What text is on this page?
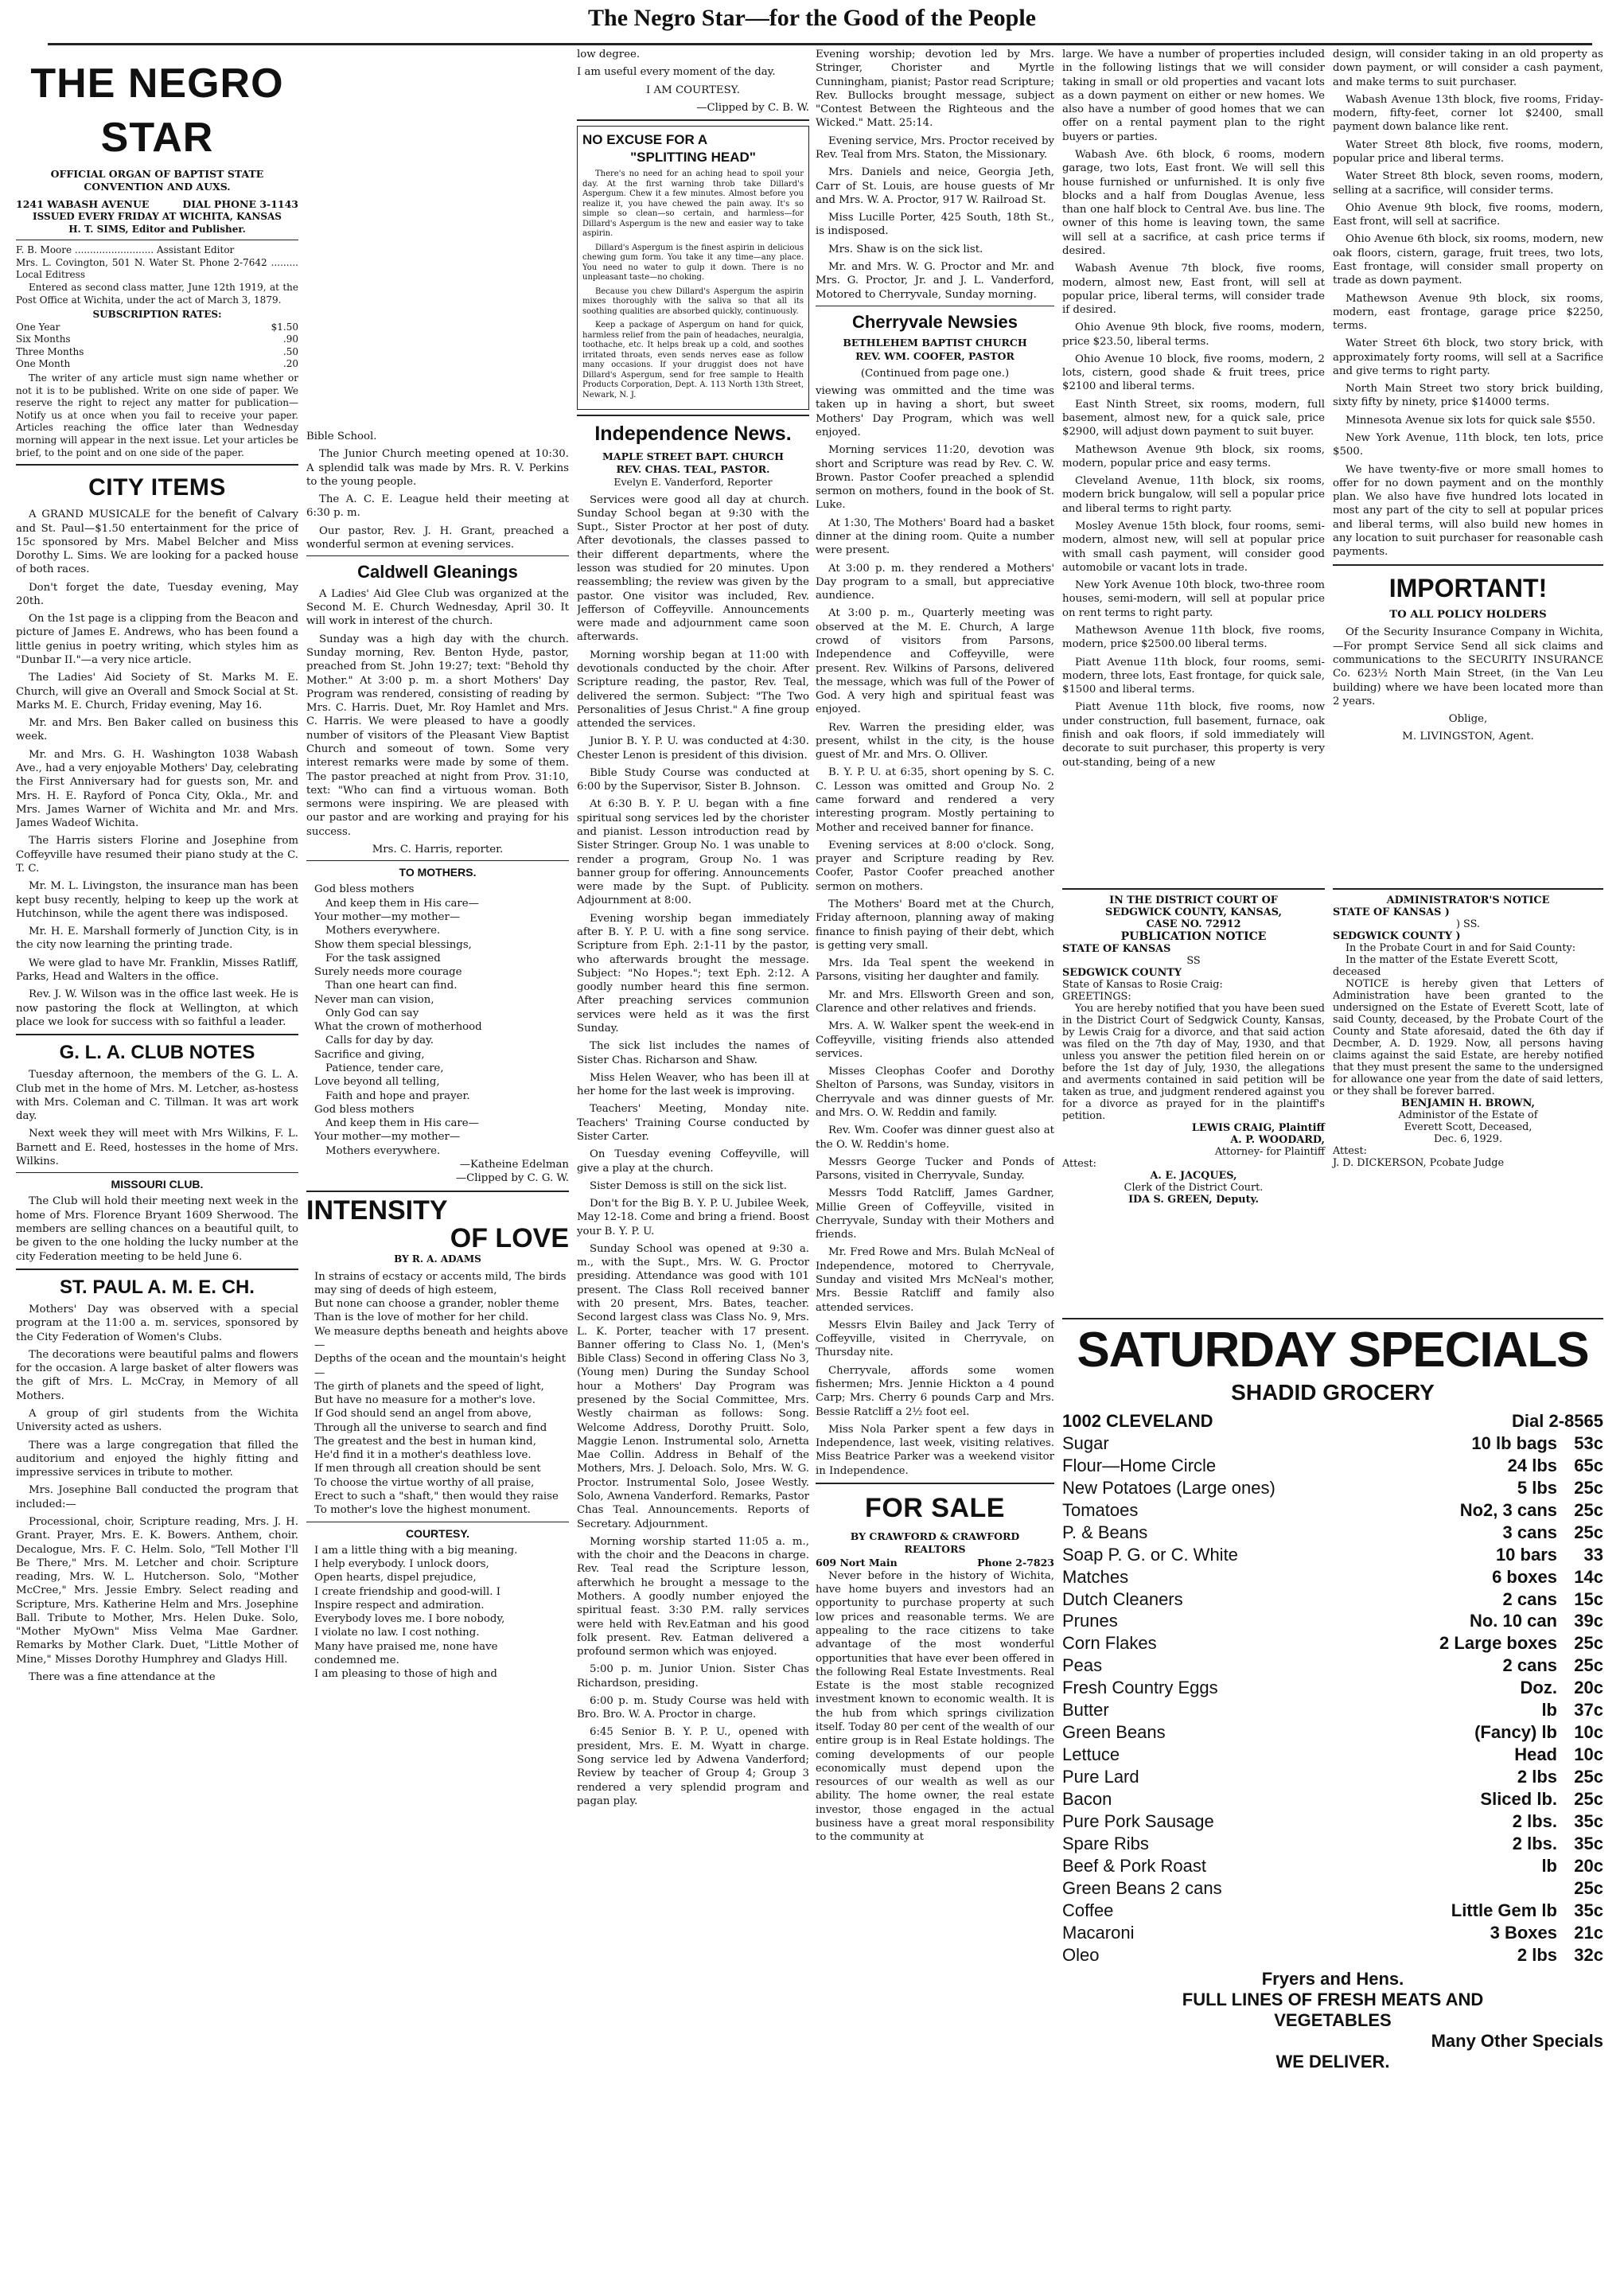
The Negro Star—for the Good of the People
THE NEGRO STAR

OFFICIAL ORGAN OF BAPTIST STATE CONVENTION AND AUXS.

1241 WABASH AVENUE	DIAL PHONE 3-1143

ISSUED EVERY FRIDAY AT WICHITA, KANSAS

H. T. SIMS, Editor and Publisher.

F. B. Moore .......................... Assistant Editor

Mrs. L. Covington, 501 N. Water St. Phone 2-7642 ......... Local Editress

Entered as second class matter, June 12th 1919, at the Post Office at Wichita, under the act of March 3, 1879.

SUBSCRIPTION RATES:

One Year	$1.50
Six Months	.90
Three Months	.50
One Month	.20

The writer of any article must sign name whether or not it is to be published. Write on one side of paper. We reserve the right to reject any matter for publication—Notify us at once when you fail to receive your paper. Articles reaching the office later than Wednesday morning will appear in the next issue. Let your articles be brief, to the point and on one side of the paper.

CITY ITEMS

A GRAND MUSICALE for the benefit of Calvary and St. Paul—$1.50 entertainment for the price of 15c sponsored by Mrs. Mabel Belcher and Miss Dorothy L. Sims. We are looking for a packed house of both races.

Don't forget the date, Tuesday evening, May 20th.

On the 1st page is a clipping from the Beacon and picture of James E. Andrews, who has been found a little genius in poetry writing, which styles him as "Dunbar II."—a very nice article.

The Ladies' Aid Society of St. Marks M. E. Church, will give an Overall and Smock Social at St. Marks M. E. Church, Friday evening, May 16.

Mr. and Mrs. Ben Baker called on business this week.

Mr. and Mrs. G. H. Washington 1038 Wabash Ave., had a very enjoyable Mothers' Day, celebrating the First Anniversary had for guests son, Mr. and Mrs. H. E. Rayford of Ponca City, Okla., Mr. and Mrs. James Warner of Wichita and Mr. and Mrs. James Wadeof Wichita.

The Harris sisters Florine and Josephine from Coffeyville have resumed their piano study at the C. T. C.

Mr. M. L. Livingston, the insurance man has been kept busy recently, helping to keep up the work at Hutchinson, while the agent there was indisposed.

Mr. H. E. Marshall formerly of Junction City, is in the city now learning the printing trade.

We were glad to have Mr. Franklin, Misses Ratliff, Parks, Head and Walters in the office.

Rev. J. W. Wilson was in the office last week. He is now pastoring the flock at Wellington, at which place we look for success with so faithful a leader.

G. L. A. CLUB NOTES

Tuesday afternoon, the members of the G. L. A. Club met in the home of Mrs. M. Letcher, as-hostess with Mrs. Coleman and C. Tillman. It was art work day.

Next week they will meet with Mrs Wilkins, F. L. Barnett and E. Reed, hostesses in the home of Mrs. Wilkins.

MISSOURI CLUB.

The Club will hold their meeting next week in the home of Mrs. Florence Bryant 1609 Sherwood. The members are selling chances on a beautiful quilt, to be given to the one holding the lucky number at the city Federation meeting to be held June 6.

ST. PAUL A. M. E. CH.

Mothers' Day was observed with a special program at the 11:00 a. m. services, sponsored by the City Federation of Women's Clubs.

The decorations were beautiful palms and flowers for the occasion. A large basket of alter flowers was the gift of Mrs. L. McCray, in Memory of all Mothers.

A group of girl students from the Wichita University acted as ushers.

There was a large congregation that filled the auditorium and enjoyed the highly fitting and impressive services in tribute to mother.

Mrs. Josephine Ball conducted the program that included:—

Processional, choir, Scripture reading, Mrs. J. H. Grant. Prayer, Mrs. E. K. Bowers. Anthem, choir. Decalogue, Mrs. F. C. Helm. Solo, "Tell Mother I'll Be There," Mrs. M. Letcher and choir. Scripture reading, Mrs. W. L. Hutcherson. Solo, "Mother McCree," Mrs. Jessie Embry. Select reading and Scripture, Mrs. Katherine Helm and Mrs. Josephine Ball. Tribute to Mother, Mrs. Helen Duke. Solo, "Mother MyOwn" Miss Velma Mae Gardner. Remarks by Mother Clark. Duet, "Little Mother of Mine," Misses Dorothy Humphrey and Gladys Hill.

There was a fine attendance at the

Bible School.

The Junior Church meeting opened at 10:30. A splendid talk was made by Mrs. R. V. Perkins to the young people.

The A. C. E. League held their meeting at 6:30 p. m.

Our pastor, Rev. J. H. Grant, preached a wonderful sermon at evening services.

Caldwell Gleanings

A Ladies' Aid Glee Club was organized at the Second M. E. Church Wednesday, April 30. It will work in interest of the church.

Sunday was a high day with the church. Sunday morning, Rev. Benton Hyde, pastor, preached from St. John 19:27; text: "Behold thy Mother." At 3:00 p. m. a short Mothers' Day Program was rendered, consisting of reading by Mrs. C. Harris. Duet, Mr. Roy Hamlet and Mrs. C. Harris. We were pleased to have a goodly number of visitors of the Pleasant View Baptist Church and someout of town. Some very interest remarks were made by some of them. The pastor preached at night from Prov. 31:10, text: "Who can find a virtuous woman. Both sermons were inspiring. We are pleased with our pastor and are working and praying for his success.

Mrs. C. Harris, reporter.

TO MOTHERS.
God bless mothers
And keep them in His care—
Your mother—my mother—
Mothers everywhere.
Show them special blessings,
For the task assigned
Surely needs more courage
Than one heart can find.
Never man can vision,
Only God can say
What the crown of motherhood
Calls for day by day.
Sacrifice and giving,
Patience, tender care,
Love beyond all telling,
Faith and hope and prayer.
God bless mothers
And keep them in His care—
Your mother—my mother—
Mothers everywhere.
—Katheine Edelman
—Clipped by C. G. W.
INTENSITY
OF LOVE

BY R. A. ADAMS

In strains of ecstacy or accents mild, The birds may sing of deeds of high esteem,
But none can choose a grander, nobler theme
Than is the love of mother for her child.
We measure depths beneath and heights above—
Depths of the ocean and the mountain's height—
The girth of planets and the speed of light,
But have no measure for a mother's love.
If God should send an angel from above,
Through all the universe to search and find
The greatest and the best in human kind,
He'd find it in a mother's deathless love.
If men through all creation should be sent
To choose the virtue worthy of all praise,
Erect to such a "shaft," then would they raise
To mother's love the highest monument.
COURTESY.
I am a little thing with a big meaning.
I help everybody. I unlock doors,
Open hearts, dispel prejudice,
I create friendship and good-will. I
Inspire respect and admiration.
Everybody loves me. I bore nobody,
I violate no law. I cost nothing.
Many have praised me, none have
condemned me.
I am pleasing to those of high and

low degree.

I am useful every moment of the day.

I AM COURTESY.

—Clipped by C. B. W.

NO EXCUSE FOR A
"SPLITTING HEAD"

There's no need for an aching head to spoil your day. At the first warning throb take Dillard's Aspergum. Chew it a few minutes. Almost before you realize it, you have chewed the pain away. It's so simple so clean—so certain, and harmless—for Dillard's Aspergum is the new and easier way to take aspirin.

Dillard's Aspergum is the finest aspirin in delicious chewing gum form. You take it any time—any place. You need no water to gulp it down. There is no unpleasant taste—no choking.

Because you chew Dillard's Aspergum the aspirin mixes thoroughly with the saliva so that all its soothing qualities are absorbed quickly, continuously.

Keep a package of Aspergum on hand for quick, harmless relief from the pain of headaches, neuralgia, toothache, etc. It helps break up a cold, and soothes irritated throats, even sends nerves ease as follow many occasions. If your druggist does not have Dillard's Aspergum, send for free sample to Health Products Corporation, Dept. A. 113 North 13th Street, Newark, N. J.

Independence News.

MAPLE STREET BAPT. CHURCH

REV. CHAS. TEAL, PASTOR.

Evelyn E. Vanderford, Reporter

Services were good all day at church. Sunday School began at 9:30 with the Supt., Sister Proctor at her post of duty. After devotionals, the classes passed to their different departments, where the lesson was studied for 20 minutes. Upon reassembling; the review was given by the pastor. One visitor was included, Rev. Jefferson of Coffeyville. Announcements were made and adjournment came soon afterwards.

Morning worship began at 11:00 with devotionals conducted by the choir. After Scripture reading, the pastor, Rev. Teal, delivered the sermon. Subject: "The Two Personalities of Jesus Christ." A fine group attended the services.

Junior B. Y. P. U. was conducted at 4:30. Chester Lenon is president of this division.

Bible Study Course was conducted at 6:00 by the Supervisor, Sister B. Johnson.

At 6:30 B. Y. P. U. began with a fine spiritual song services led by the chorister and pianist. Lesson introduction read by Sister Stringer. Group No. 1 was unable to render a program, Group No. 1 was banner group for offering. Announcements were made by the Supt. of Publicity. Adjournment at 8:00.

Evening worship began immediately after B. Y. P. U. with a fine song service. Scripture from Eph. 2:1-11 by the pastor, who afterwards brought the message. Subject: "No Hopes."; text Eph. 2:12. A goodly number heard this fine sermon. After preaching services communion services were held as it was the first Sunday.

The sick list includes the names of Sister Chas. Richarson and Shaw.

Miss Helen Weaver, who has been ill at her home for the last week is improving.

Teachers' Meeting, Monday nite. Teachers' Training Course conducted by Sister Carter.

On Tuesday evening Coffeyville, will give a play at the church.

Sister Demoss is still on the sick list.

Don't for the Big B. Y. P. U. Jubilee Week, May 12-18. Come and bring a friend. Boost your B. Y. P. U.

Sunday School was opened at 9:30 a. m., with the Supt., Mrs. W. G. Proctor presiding. Attendance was good with 101 present. The Class Roll received banner with 20 present, Mrs. Bates, teacher. Second largest class was Class No. 9, Mrs. L. K. Porter, teacher with 17 present. Banner offering to Class No. 1, (Men's Bible Class) Second in offering Class No 3, (Young men) During the Sunday School hour a Mothers' Day Program was presened by the Social Committee, Mrs. Westly chairman as follows: Song. Welcome Address, Dorothy Pruitt. Solo, Maggie Lenon. Instrumental solo, Arnetta Mae Collin. Address in Behalf of the Mothers, Mrs. J. Deloach. Solo, Mrs. W. G. Proctor. Instrumental Solo, Josee Westly. Solo, Awnena Vanderford. Remarks, Pastor Chas Teal. Announcements. Reports of Secretary. Adjournment.

Morning worship started 11:05 a. m., with the choir and the Deacons in charge. Rev. Teal read the Scripture lesson, afterwhich he brought a message to the Mothers. A goodly number enjoyed the spiritual feast. 3:30 P.M. rally services were held with Rev.Eatman and his good folk present. Rev. Eatman delivered a profound sermon which was enjoyed.

5:00 p. m. Junior Union. Sister Chas Richardson, presiding.

6:00 p. m. Study Course was held with Bro. Bro. W. A. Proctor in charge.

6:45 Senior B. Y. P. U., opened with president, Mrs. E. M. Wyatt in charge. Song service led by Adwena Vanderford; Review by teacher of Group 4; Group 3 rendered a very splendid program and pagan play.

Evening worship; devotion led by Mrs. Stringer, Chorister and Myrtle Cunningham, pianist; Pastor read Scripture; Rev. Bullocks brought message, subject "Contest Between the Righteous and the Wicked." Matt. 25:14.

Evening service, Mrs. Proctor received by Rev. Teal from Mrs. Staton, the Missionary.

Mrs. Daniels and neice, Georgia Jeth, Carr of St. Louis, are house guests of Mr and Mrs. W. A. Proctor, 917 W. Railroad St.

Miss Lucille Porter, 425 South, 18th St., is indisposed.

Mrs. Shaw is on the sick list.

Mr. and Mrs. W. G. Proctor and Mr. and Mrs. G. Proctor, Jr. and J. L. Vanderford, Motored to Cherryvale, Sunday morning.

Cherryvale Newsies

BETHLEHEM BAPTIST CHURCH

REV. WM. COOFER, PASTOR

(Continued from page one.)

viewing was ommitted and the time was taken up in having a short, but sweet Mothers' Day Program, which was well enjoyed.

Morning services 11:20, devotion was short and Scripture was read by Rev. C. W. Brown. Pastor Coofer preached a splendid sermon on mothers, found in the book of St. Luke.

At 1:30, The Mothers' Board had a basket dinner at the dining room. Quite a number were present.

At 3:00 p. m. they rendered a Mothers' Day program to a small, but appreciative aundience.

At 3:00 p. m., Quarterly meeting was observed at the M. E. Church, A large crowd of visitors from Parsons, Independence and Coffeyville, were present. Rev. Wilkins of Parsons, delivered the message, which was full of the Power of God. A very high and spiritual feast was enjoyed.

Rev. Warren the presiding elder, was present, whilst in the city, is the house guest of Mr. and Mrs. O. Olliver.

B. Y. P. U. at 6:35, short opening by S. C. C. Lesson was omitted and Group No. 2 came forward and rendered a very interesting program. Mostly pertaining to Mother and received banner for finance.

Evening services at 8:00 o'clock. Song, prayer and Scripture reading by Rev. Coofer, Pastor Coofer preached another sermon on mothers.

The Mothers' Board met at the Church, Friday afternoon, planning away of making finance to finish paying of their debt, which is getting very small.

Mrs. Ida Teal spent the weekend in Parsons, visiting her daughter and family.

Mr. and Mrs. Ellsworth Green and son, Clarence and other relatives and friends.

Mrs. A. W. Walker spent the week-end in Coffeyville, visiting friends also attended services.

Misses Cleophas Coofer and Dorothy Shelton of Parsons, was Sunday, visitors in Cherryvale and was dinner guests of Mr. and Mrs. O. W. Reddin and family.

Rev. Wm. Coofer was dinner guest also at the O. W. Reddin's home.

Messrs George Tucker and Ponds of Parsons, visited in Cherryvale, Sunday.

Messrs Todd Ratcliff, James Gardner, Millie Green of Coffeyville, visited in Cherryvale, Sunday with their Mothers and friends.

Mr. Fred Rowe and Mrs. Bulah McNeal of Independence, motored to Cherryvale, Sunday and visited Mrs McNeal's mother, Mrs. Bessie Ratcliff and family also attended services.

Messrs Elvin Bailey and Jack Terry of Coffeyville, visited in Cherryvale, on Thursday nite.

Cherryvale, affords some women fishermen; Mrs. Jennie Hickton a 4 pound Carp; Mrs. Cherry 6 pounds Carp and Mrs. Bessie Ratcliff a 2½ foot eel.

Miss Nola Parker spent a few days in Independence, last week, visiting relatives. Miss Beatrice Parker was a weekend visitor in Independence.

FOR SALE

BY CRAWFORD & CRAWFORD

REALTORS

609 Nort Main	Phone 2-7823

Never before in the history of Wichita, have home buyers and investors had an opportunity to purchase property at such low prices and reasonable terms. We are appealing to the race citizens to take advantage of the most wonderful opportunities that have ever been offered in the following Real Estate Investments. Real Estate is the most stable recognized investment known to economic wealth. It is the hub from which springs civilization itself. Today 80 per cent of the wealth of our entire group is in Real Estate holdings. The coming developments of our people economically must depend upon the resources of our wealth as well as our ability. The home owner, the real estate investor, those engaged in the actual business have a great moral responsibility to the community at

large. We have a number of properties included in the following listings that we will consider taking in small or old properties and vacant lots as a down payment on either or new homes. We also have a number of good homes that we can offer on a rental payment plan to the right buyers or parties.

Wabash Ave. 6th block, 6 rooms, modern garage, two lots, East front. We will sell this house furnished or unfurnished. It is only five blocks and a half from Douglas Avenue, less than one half block to Central Ave. bus line. The owner of this home is leaving town, the same will sell at a sacrifice, at cash price terms if desired.

Wabash Avenue 7th block, five rooms, modern, almost new, East front, will sell at popular price, liberal terms, will consider trade if desired.

Ohio Avenue 9th block, five rooms, modern, price $23.50, liberal terms.

Ohio Avenue 10 block, five rooms, modern, 2 lots, cistern, good shade & fruit trees, price $2100 and liberal terms.

East Ninth Street, six rooms, modern, full basement, almost new, for a quick sale, price $2900, will adjust down payment to suit buyer.

Mathewson Avenue 9th block, six rooms, modern, popular price and easy terms.

Cleveland Avenue, 11th block, six rooms, modern brick bungalow, will sell a popular price and liberal terms to right party.

Mosley Avenue 15th block, four rooms, semi-modern, almost new, will sell at popular price with small cash payment, will consider good automobile or vacant lots in trade.

New York Avenue 10th block, two-three room houses, semi-modern, will sell at popular price on rent terms to right party.

Mathewson Avenue 11th block, five rooms, modern, price $2500.00 liberal terms.

Piatt Avenue 11th block, four rooms, semi-modern, three lots, East frontage, for quick sale, $1500 and liberal terms.

Piatt Avenue 11th block, five rooms, now under construction, full basement, furnace, oak finish and oak floors, if sold immediately will decorate to suit purchaser, this property is very out-standing, being of a new

design, will consider taking in an old property as down payment, or will consider a cash payment, and make terms to suit purchaser.

Wabash Avenue 13th block, five rooms, Friday-modern, fifty-feet, corner lot $2400, small payment down balance like rent.

Water Street 8th block, five rooms, modern, popular price and liberal terms.

Water Street 8th block, seven rooms, modern, selling at a sacrifice, will consider terms.

Ohio Avenue 9th block, five rooms, modern, East front, will sell at sacrifice.

Ohio Avenue 6th block, six rooms, modern, new oak floors, cistern, garage, fruit trees, two lots, East frontage, will consider small property on trade as down payment.

Mathewson Avenue 9th block, six rooms, modern, east frontage, garage price $2250, terms.

Water Street 6th block, two story brick, with approximately forty rooms, will sell at a Sacrifice and give terms to right party.

North Main Street two story brick building, sixty fifty by ninety, price $14000 terms.

Minnesota Avenue six lots for quick sale $550.

New York Avenue, 11th block, ten lots, price $500.

We have twenty-five or more small homes to offer for no down payment and on the monthly plan. We also have five hundred lots located in most any part of the city to sell at popular prices and liberal terms, will also build new homes in any location to suit purchaser for reasonable cash payments.

IMPORTANT!

TO ALL POLICY HOLDERS

Of the Security Insurance Company in Wichita,—For prompt Service Send all sick claims and communications to the SECURITY INSURANCE Co. 623½ North Main Street, (in the Van Leu building) where we have been located more than 2 years.

Oblige,

M. LIVINGSTON, Agent.

IN THE DISTRICT COURT OF
SEDGWICK COUNTY, KANSAS,
CASE NO. 72912
PUBLICATION NOTICE
STATE OF KANSAS
SS
SEDGWICK COUNTY
State of Kansas to Rosie Craig:
GREETINGS:

You are hereby notified that you have been sued in the District Court of Sedgwick County, Kansas, by Lewis Craig for a divorce, and that said action was filed on the 7th day of May, 1930, and that unless you answer the petition filed herein on or before the 1st day of July, 1930, the allegations and averments contained in said petition will be taken as true, and judgment rendered against you for a divorce as prayed for in the plaintiff's petition.

LEWIS CRAIG, Plaintiff
A. P. WOODARD,
Attorney- for Plaintiff
Attest:
A. E. JACQUES,
Clerk of the District Court.
IDA S. GREEN, Deputy.
ADMINISTRATOR'S NOTICE
STATE OF KANSAS )
) SS.
SEDGWICK COUNTY )

In the Probate Court in and for Said County:

In the matter of the Estate Everett Scott, deceased

NOTICE is hereby given that Letters of Administration have been granted to the undersigned on the Estate of Everett Scott, late of said County, deceased, by the Probate Court of the County and State aforesaid, dated the 6th day if Decmber, A. D. 1929. Now, all persons having claims against the said Estate, are hereby notified that they must present the same to the undersigned for allowance one year from the date of said letters, or they shall be forever barred.

BENJAMIN H. BROWN,
Administor of the Estate of
Everett Scott, Deceased,
Dec. 6, 1929.
Attest:
J. D. DICKERSON, Pcobate Judge
SATURDAY SPECIALS
SHADID GROCERY
1002 CLEVELAND	Dial 2-8565
Sugar	10 lb bags 53c
Flour—Home Circle	24 lbs 65c
New Potatoes (Large ones)	5 lbs 25c
Tomatoes	No2, 3 cans 25c
P. & Beans	3 cans 25c
Soap P. G. or C. White	10 bars 33
Matches	6 boxes 14c
Dutch Cleaners	2 cans 15c
Prunes	No. 10 can 39c
Corn Flakes	2 Large boxes 25c
Peas	2 cans 25c
Fresh Country Eggs	Doz. 20c
Butter	lb 37c
Green Beans	(Fancy) lb 10c
Lettuce	Head 10c
Pure Lard	2 lbs 25c
Bacon	Sliced lb. 25c
Pure Pork Sausage	2 lbs. 35c
Spare Ribs	2 lbs. 35c
Beef & Pork Roast	lb 20c
Green Beans 2 cans	25c
Coffee	Little Gem lb 35c
Macaroni	3 Boxes 21c
Oleo	2 lbs 32c
Fryers and Hens.
FULL LINES OF FRESH MEATS AND
VEGETABLES
Many Other Specials
WE DELIVER.
